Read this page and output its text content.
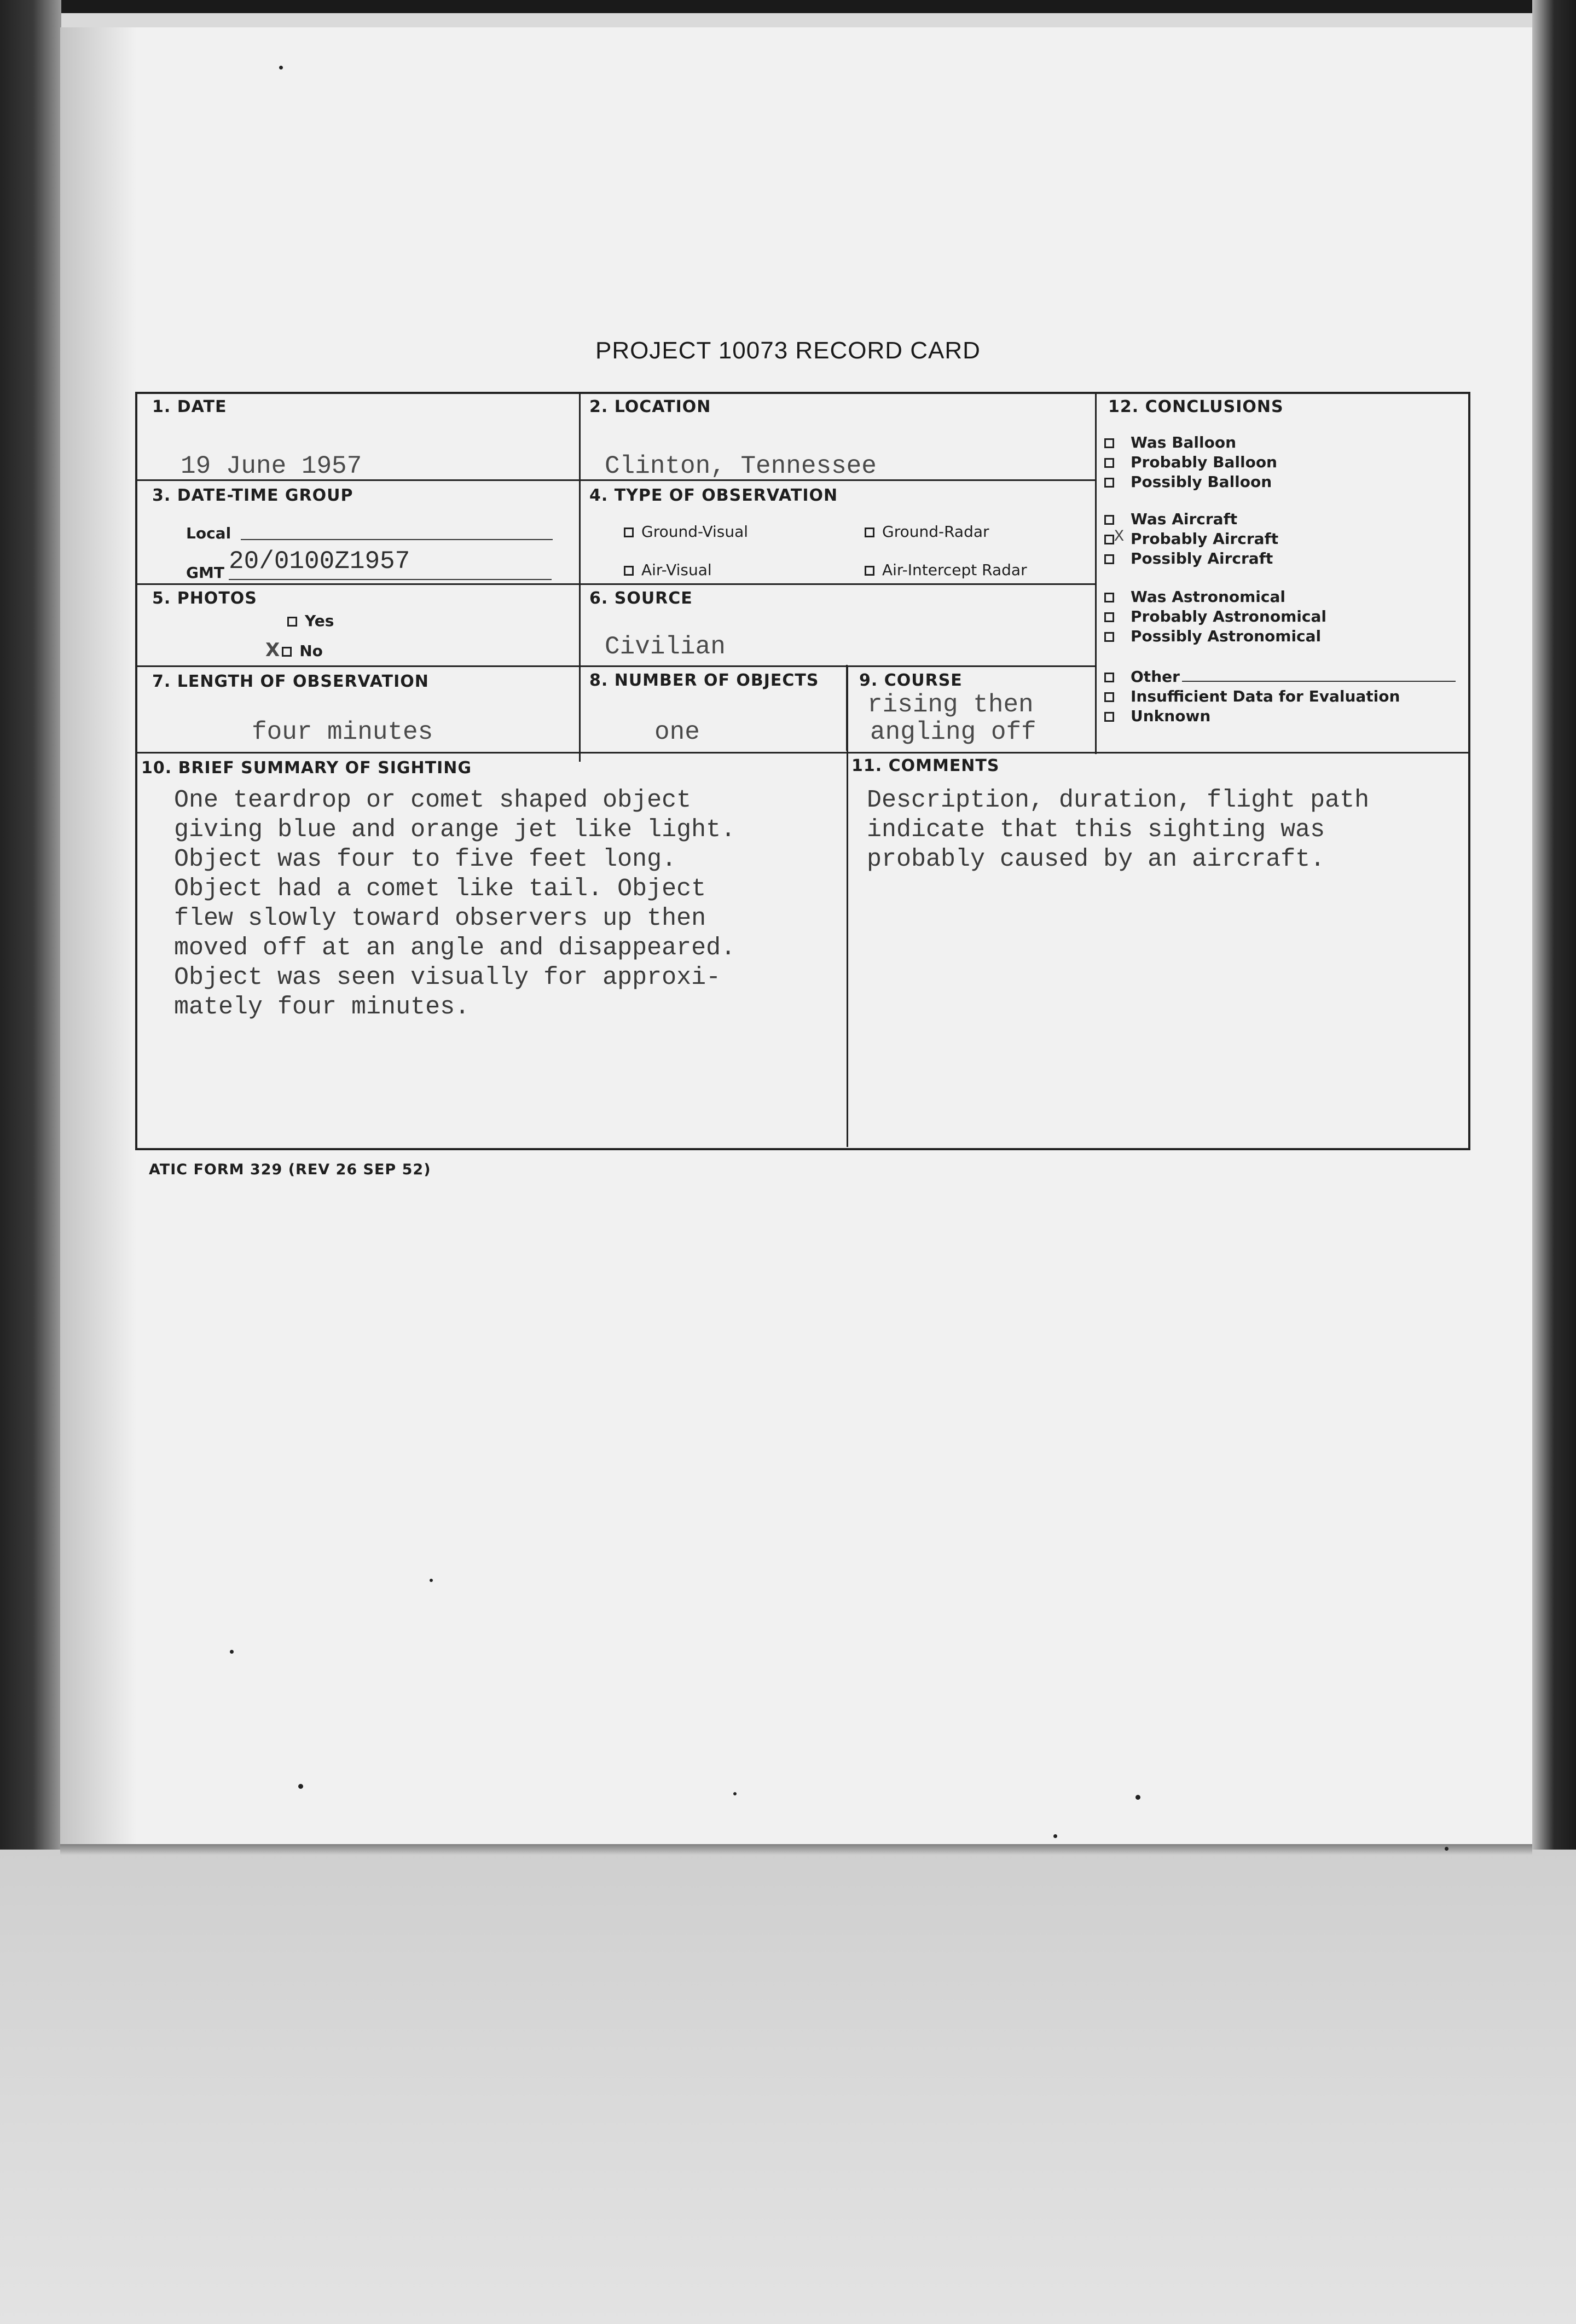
PROJECT 10073 RECORD CARD
1. DATE
19 June 1957
2. LOCATION
Clinton, Tennessee
3. DATE-TIME GROUP
Local
GMT 20/0100Z1957
4. TYPE OF OBSERVATION
Ground-Visual	Ground-Radar
Air-Visual	Air-Intercept Radar
5. PHOTOS
Yes
X No
6. SOURCE
Civilian
7. LENGTH OF OBSERVATION
four minutes
8. NUMBER OF OBJECTS
one
9. COURSE
rising then
angling off
10. BRIEF SUMMARY OF SIGHTING
One teardrop or comet shaped object
giving blue and orange jet like light.
Object was four to five feet long.
Object had a comet like tail. Object
flew slowly toward observers up then
moved off at an angle and disappeared.
Object was seen visually for approxi-
mately four minutes.
11. COMMENTS
Description, duration, flight path
indicate that this sighting was
probably caused by an aircraft.
12. CONCLUSIONS
Was Balloon
Probably Balloon
Possibly Balloon
Was Aircraft
X Probably Aircraft
Possibly Aircraft
Was Astronomical
Probably Astronomical
Possibly Astronomical
Other
Insufficient Data for Evaluation
Unknown
ATIC FORM 329 (REV 26 SEP 52)
